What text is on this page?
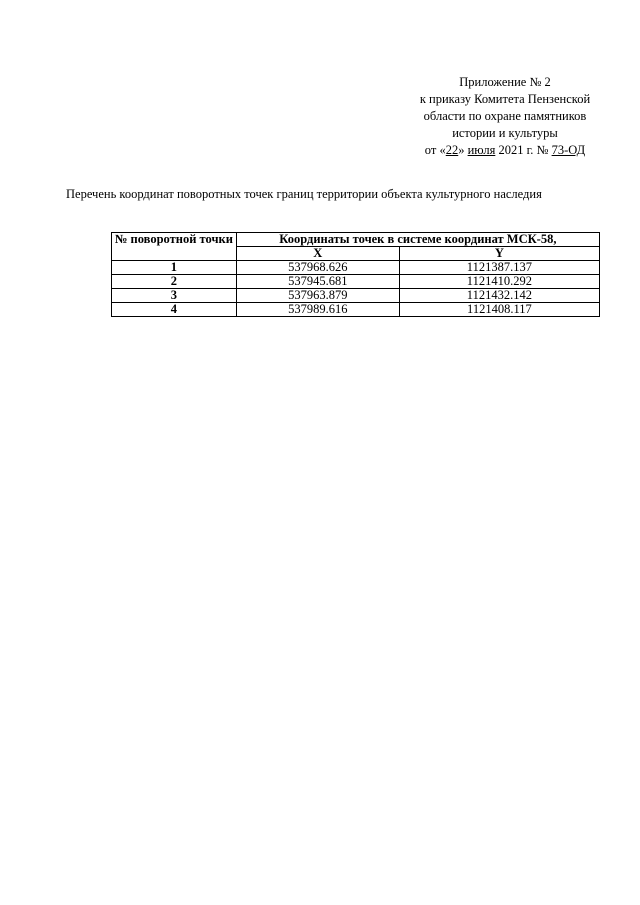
Приложение № 2
к приказу Комитета Пензенской
области по охране памятников
истории и культуры
от «22» июля 2021 г. № 73-ОД
Перечень координат поворотных точек границ территории объекта культурного наследия
№ поворотной точки	Координаты точек в системе координат МСК-58,	
	X	Y
1	537968.626	1121387.137
2	537945.681	1121410.292
3	537963.879	1121432.142
4	537989.616	1121408.117
